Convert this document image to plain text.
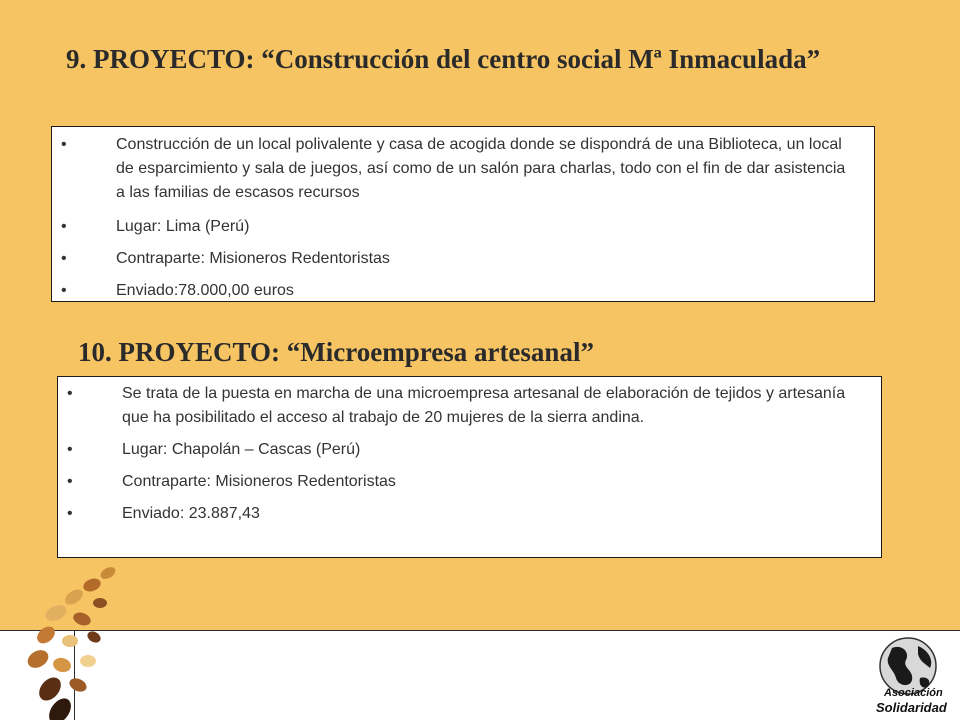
9. PROYECTO: “Construcción del centro social Mª Inmaculada”
•	Construcción de un local polivalente y casa de acogida donde se dispondrá de una Biblioteca, un local de esparcimiento y sala de juegos, así como de un salón para charlas, todo con el fin de dar asistencia a las familias de escasos recursos
•	Lugar: Lima (Perú)
•	Contraparte: Misioneros Redentoristas
•	Enviado:78.000,00 euros
10. PROYECTO: “Microempresa artesanal”
•	Se trata de la puesta en marcha de una microempresa artesanal de elaboración de tejidos y artesanía que ha posibilitado el acceso al trabajo de 20 mujeres de la sierra andina.
•	Lugar: Chapolán – Cascas (Perú)
•	Contraparte: Misioneros Redentoristas
•	Enviado: 23.887,43
Asociación
Solidaridad
